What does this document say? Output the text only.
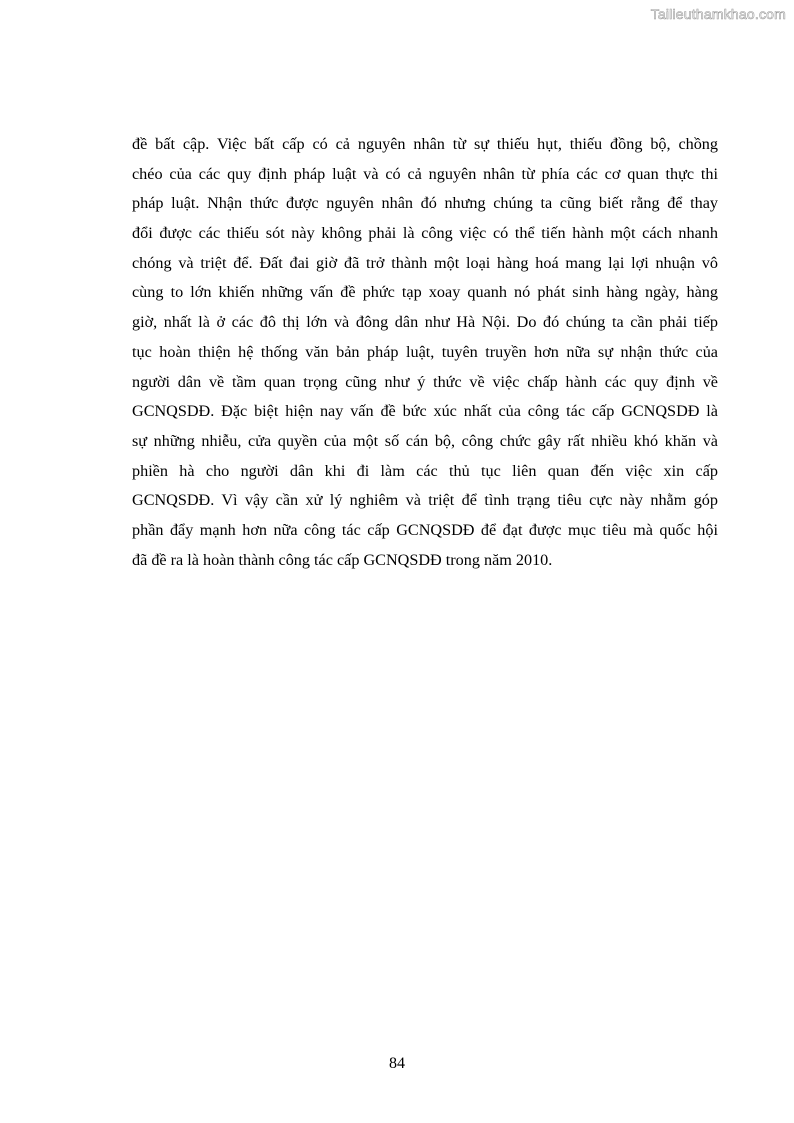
Tailieuthamkhao.com
đề bất cập. Việc bất cấp có cả nguyên nhân từ sự thiếu hụt, thiếu đồng bộ, chồng
chéo của các quy định pháp luật và có cả nguyên nhân từ phía các cơ quan thực thi
pháp luật. Nhận thức được nguyên nhân đó nhưng chúng ta cũng biết rằng để thay
đổi được các thiếu sót này không phải là công việc có thể tiến hành một cách nhanh
chóng và triệt để. Đất đai giờ đã trở thành một loại hàng hoá mang lại lợi nhuận vô
cùng to lớn khiến những vấn đề phức tạp xoay quanh nó phát sinh hàng ngày, hàng
giờ, nhất là ở các đô thị lớn và đông dân như Hà Nội. Do đó chúng ta cần phải tiếp
tục hoàn thiện hệ thống văn bản pháp luật, tuyên truyền hơn nữa sự nhận thức của
người dân về tầm quan trọng cũng như ý thức về việc chấp hành các quy định về
GCNQSDĐ. Đặc biệt hiện nay vấn đề bức xúc nhất của công tác cấp GCNQSDĐ là
sự những nhiễu, cửa quyền của một số cán bộ, công chức gây rất nhiều khó khăn và
phiền hà cho người dân khi đi làm các thủ tục liên quan đến việc xin cấp
GCNQSDĐ. Vì vậy cần xử lý nghiêm và triệt để tình trạng tiêu cực này nhằm góp
phần đẩy mạnh hơn nữa công tác cấp GCNQSDĐ để đạt được mục tiêu mà quốc hội
đã đề ra là hoàn thành công tác cấp GCNQSDĐ trong năm 2010.
84
